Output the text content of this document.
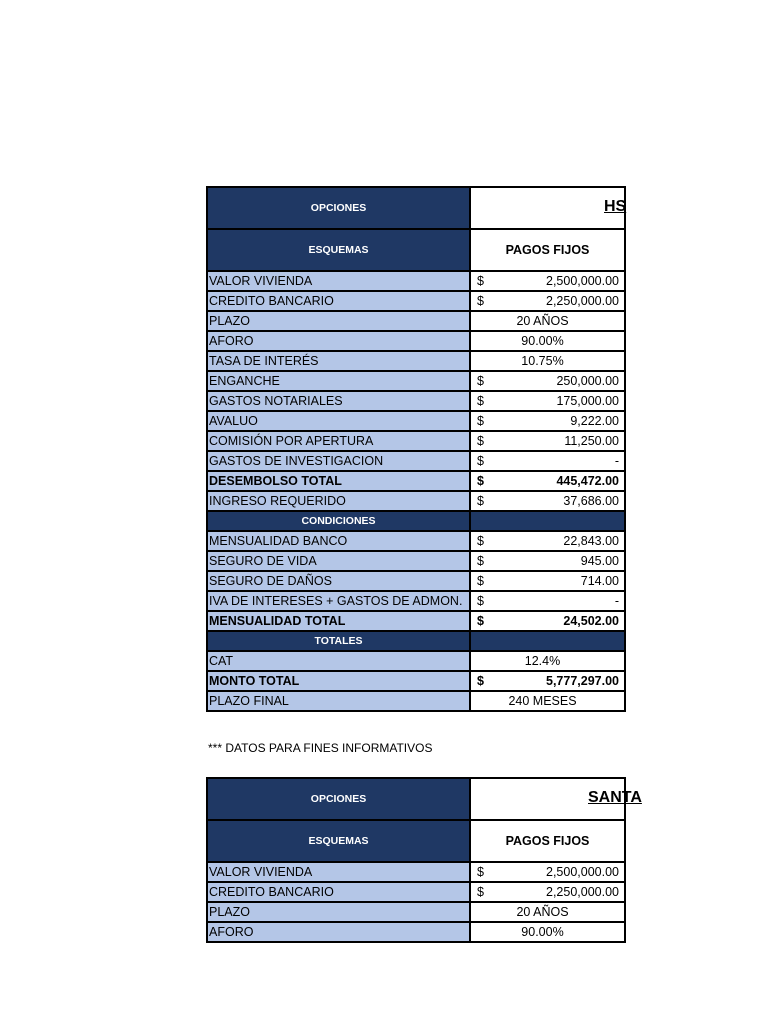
OPCIONES	HS

ESQUEMAS	PAGOS FIJOS
VALOR VIVIENDA	$ 2,500,000.00

CREDITO BANCARIO	$ 2,250,000.00

PLAZO	20 AÑOS

AFORO	90.00%

TASA DE INTERÉS	10.75%

ENGANCHE	$ 250,000.00

GASTOS NOTARIALES	$ 175,000.00

AVALUO	$ 9,222.00

COMISIÓN POR APERTURA	$ 11,250.00

GASTOS DE INVESTIGACION	$ -

DESEMBOLSO TOTAL	$ 445,472.00

INGRESO REQUERIDO	$ 37,686.00

CONDICIONES	
MENSUALIDAD BANCO	$ 22,843.00

SEGURO DE VIDA	$ 945.00

SEGURO DE DAÑOS	$ 714.00

IVA DE INTERESES + GASTOS DE ADMON.	$ -

MENSUALIDAD TOTAL	$ 24,502.00

TOTALES	
CAT	12.4%

MONTO TOTAL	$ 5,777,297.00

PLAZO FINAL	240 MESES
*** DATOS PARA FINES INFORMATIVOS
OPCIONES	SANTA

ESQUEMAS	PAGOS FIJOS
VALOR VIVIENDA	$ 2,500,000.00

CREDITO BANCARIO	$ 2,250,000.00

PLAZO	20 AÑOS

AFORO	90.00%
